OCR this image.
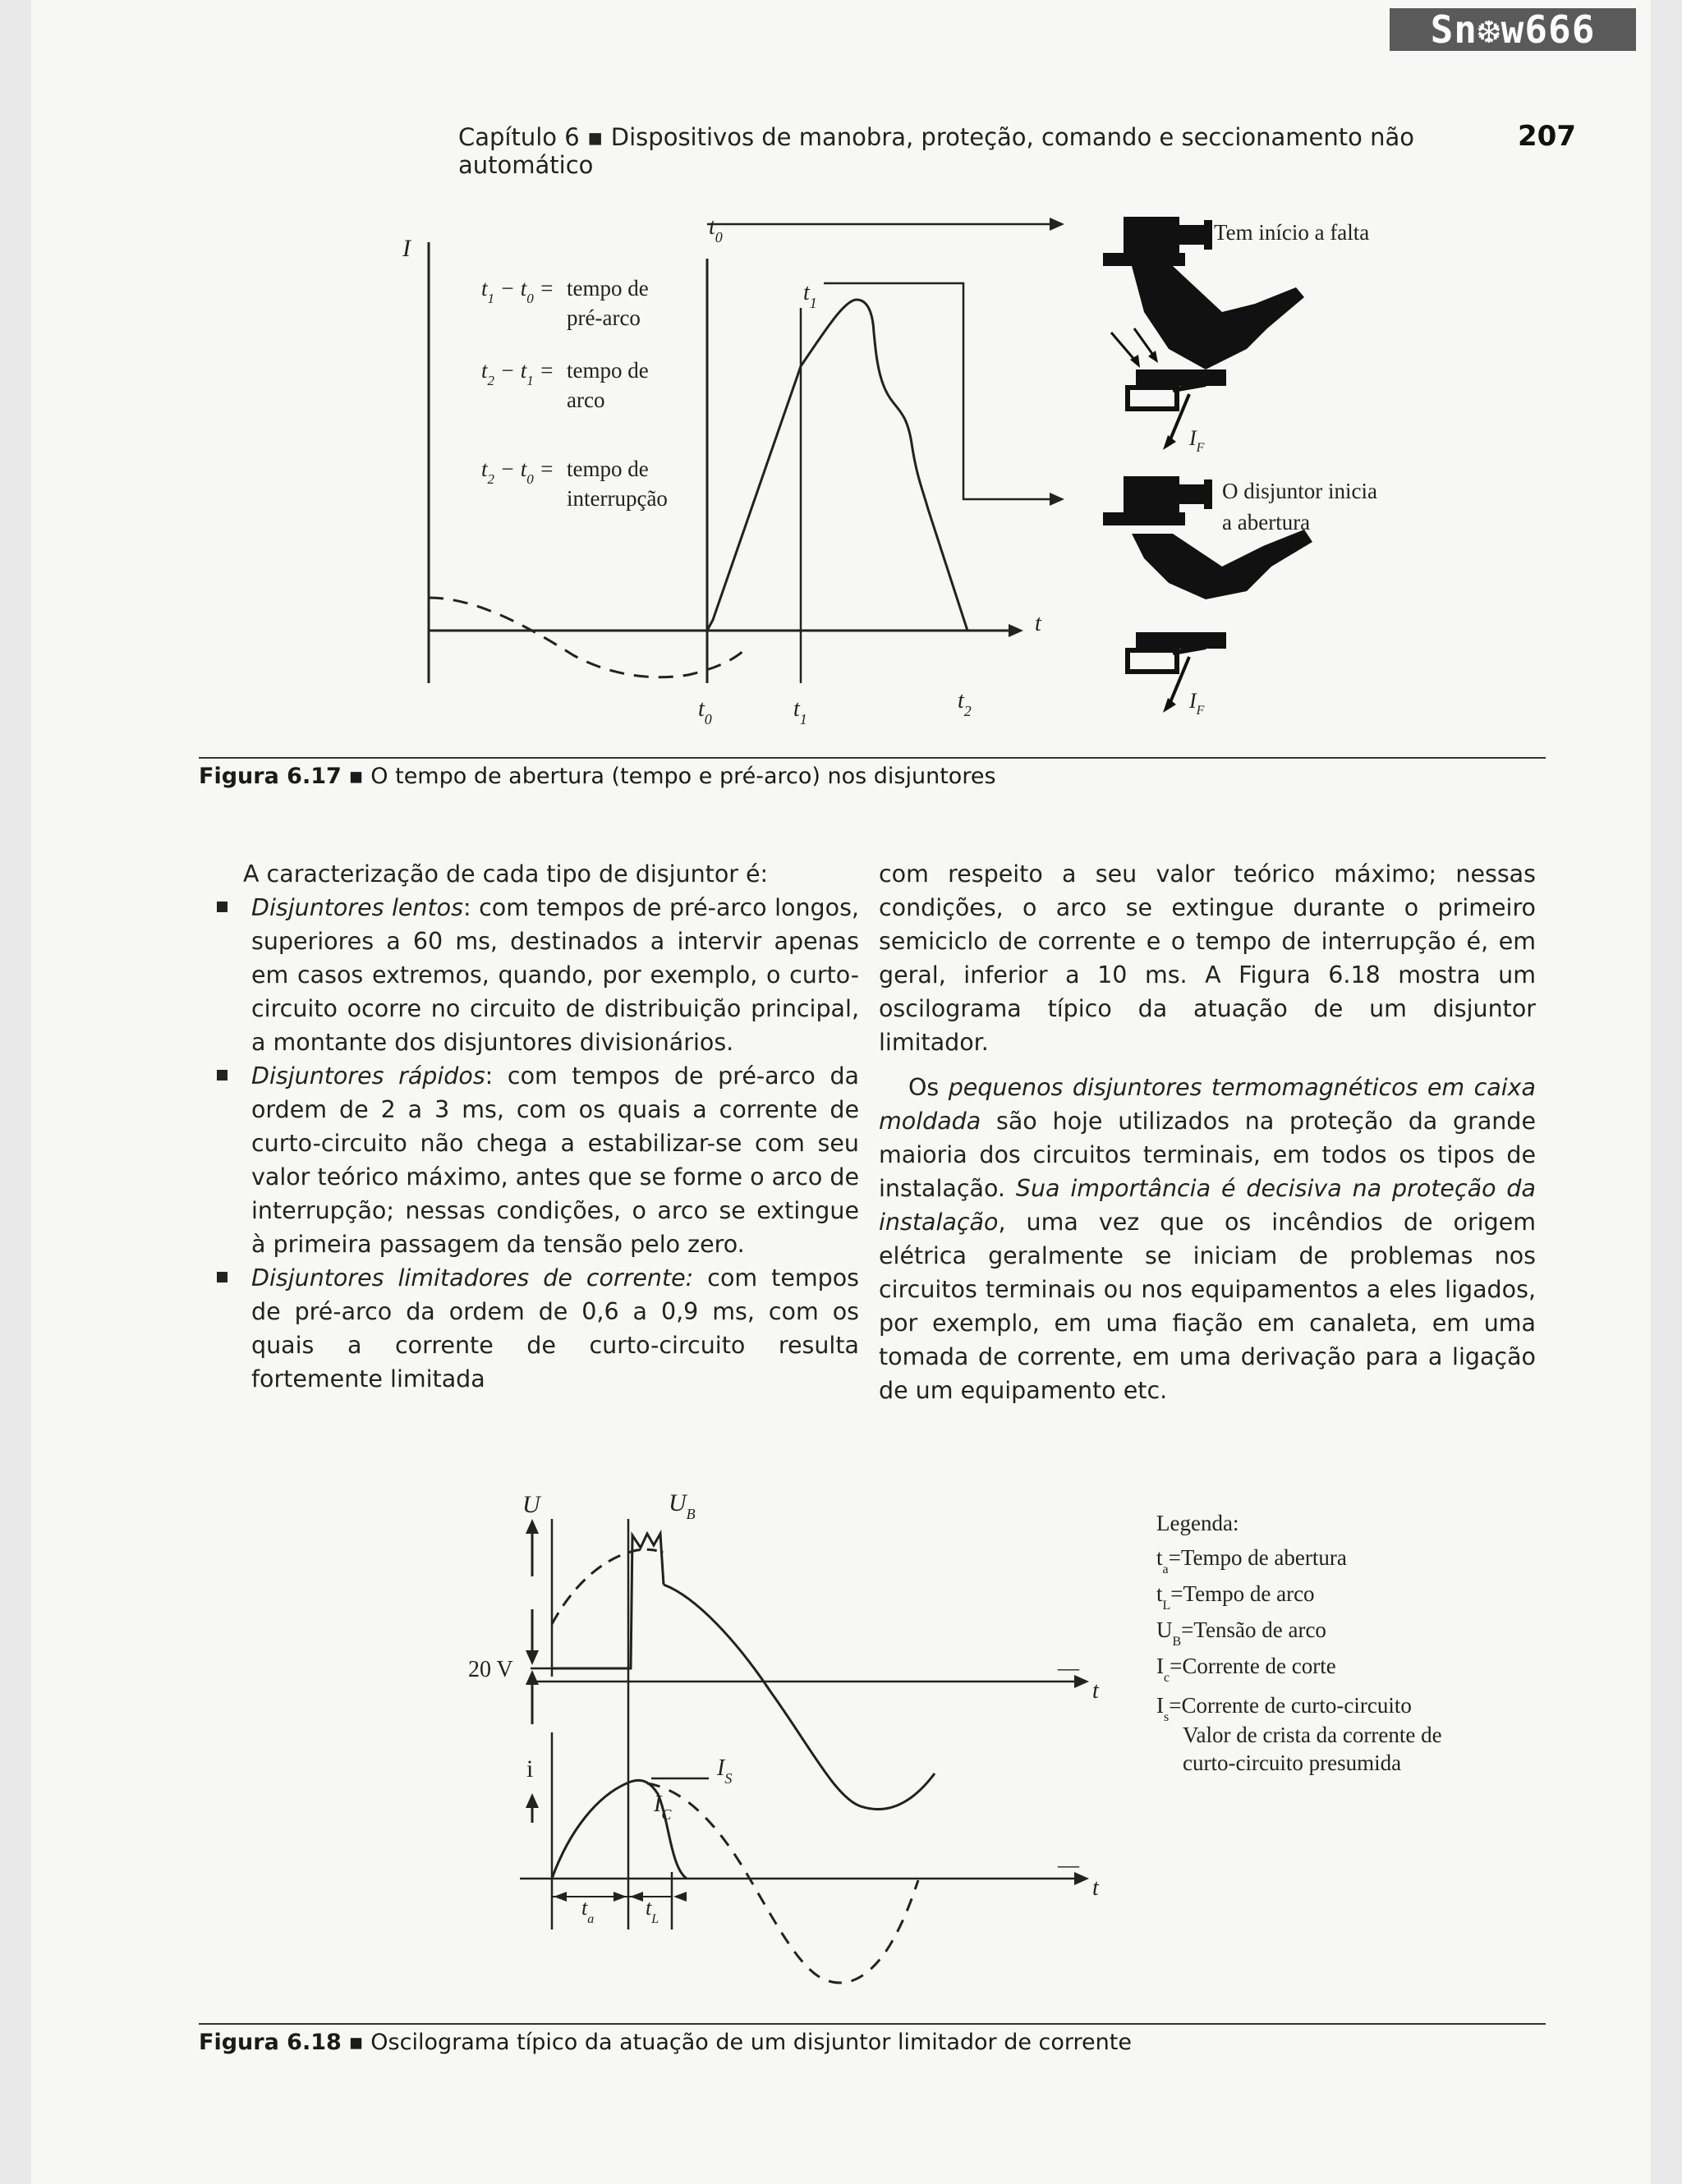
Sn❆w666
Capítulo 6 ▪ Dispositivos de manobra, proteção, comando e seccionamento não automático
207
I
t
$t_0$
$t_1$
$t_0$	$t_1$
$t_2$
$t_1 - t_0$ = tempo de
pré-arco
$t_2 - t_1$ = tempo de
arco
$t_2 - t_0$ = tempo de
interrupção
Tem início a falta
$I_F$
O disjuntor inicia
a abertura
$I_F$
Figura 6.17 ▪ O tempo de abertura (tempo e pré-arco) nos disjuntores

A caracterização de cada tipo de disjuntor é:

Disjuntores lentos: com tempos de pré-arco longos, superiores a 60 ms, destinados a intervir apenas em casos extremos, quando, por exemplo, o curto-circuito ocorre no circuito de distribuição principal, a montante dos disjuntores divisionários.
Disjuntores rápidos: com tempos de pré-arco da ordem de 2 a 3 ms, com os quais a corrente de curto-circuito não chega a estabilizar-se com seu valor teórico máximo, antes que se forme o arco de interrupção; nessas condições, o arco se extingue à primeira passagem da tensão pelo zero.
Disjuntores limitadores de corrente: com tempos de pré-arco da ordem de 0,6 a 0,9 ms, com os quais a corrente de curto-circuito resulta fortemente limitada

com respeito a seu valor teórico máximo; nessas condições, o arco se extingue durante o primeiro semiciclo de corrente e o tempo de interrupção é, em geral, inferior a 10 ms. A Figura 6.18 mostra um oscilograma típico da atuação de um disjuntor limitador.

Os pequenos disjuntores termomagnéticos em caixa moldada são hoje utilizados na proteção da grande maioria dos circuitos terminais, em todos os tipos de instalação. Sua importância é decisiva na proteção da instalação, uma vez que os incêndios de origem elétrica geralmente se iniciam de problemas nos circuitos terminais ou nos equipamentos a eles ligados, por exemplo, em uma fiação em canaleta, em uma tomada de corrente, em uma derivação para a ligação de um equipamento etc.

U
20 V	—
t
$U_B$
i
—
t
$I_S$
$I_C$
$t_a$ $t_L$
Legenda:
$t_a=Tempo$ de abertura
$t_L=Tempo$ de arco
$U_B=Tensão$ de arco
$I_c=Corrente$ de corte
$I_s=Corrente$ de curto-circuito
Valor de crista da corrente de
curto-circuito presumida
Figura 6.18 ▪ Oscilograma típico da atuação de um disjuntor limitador de corrente
